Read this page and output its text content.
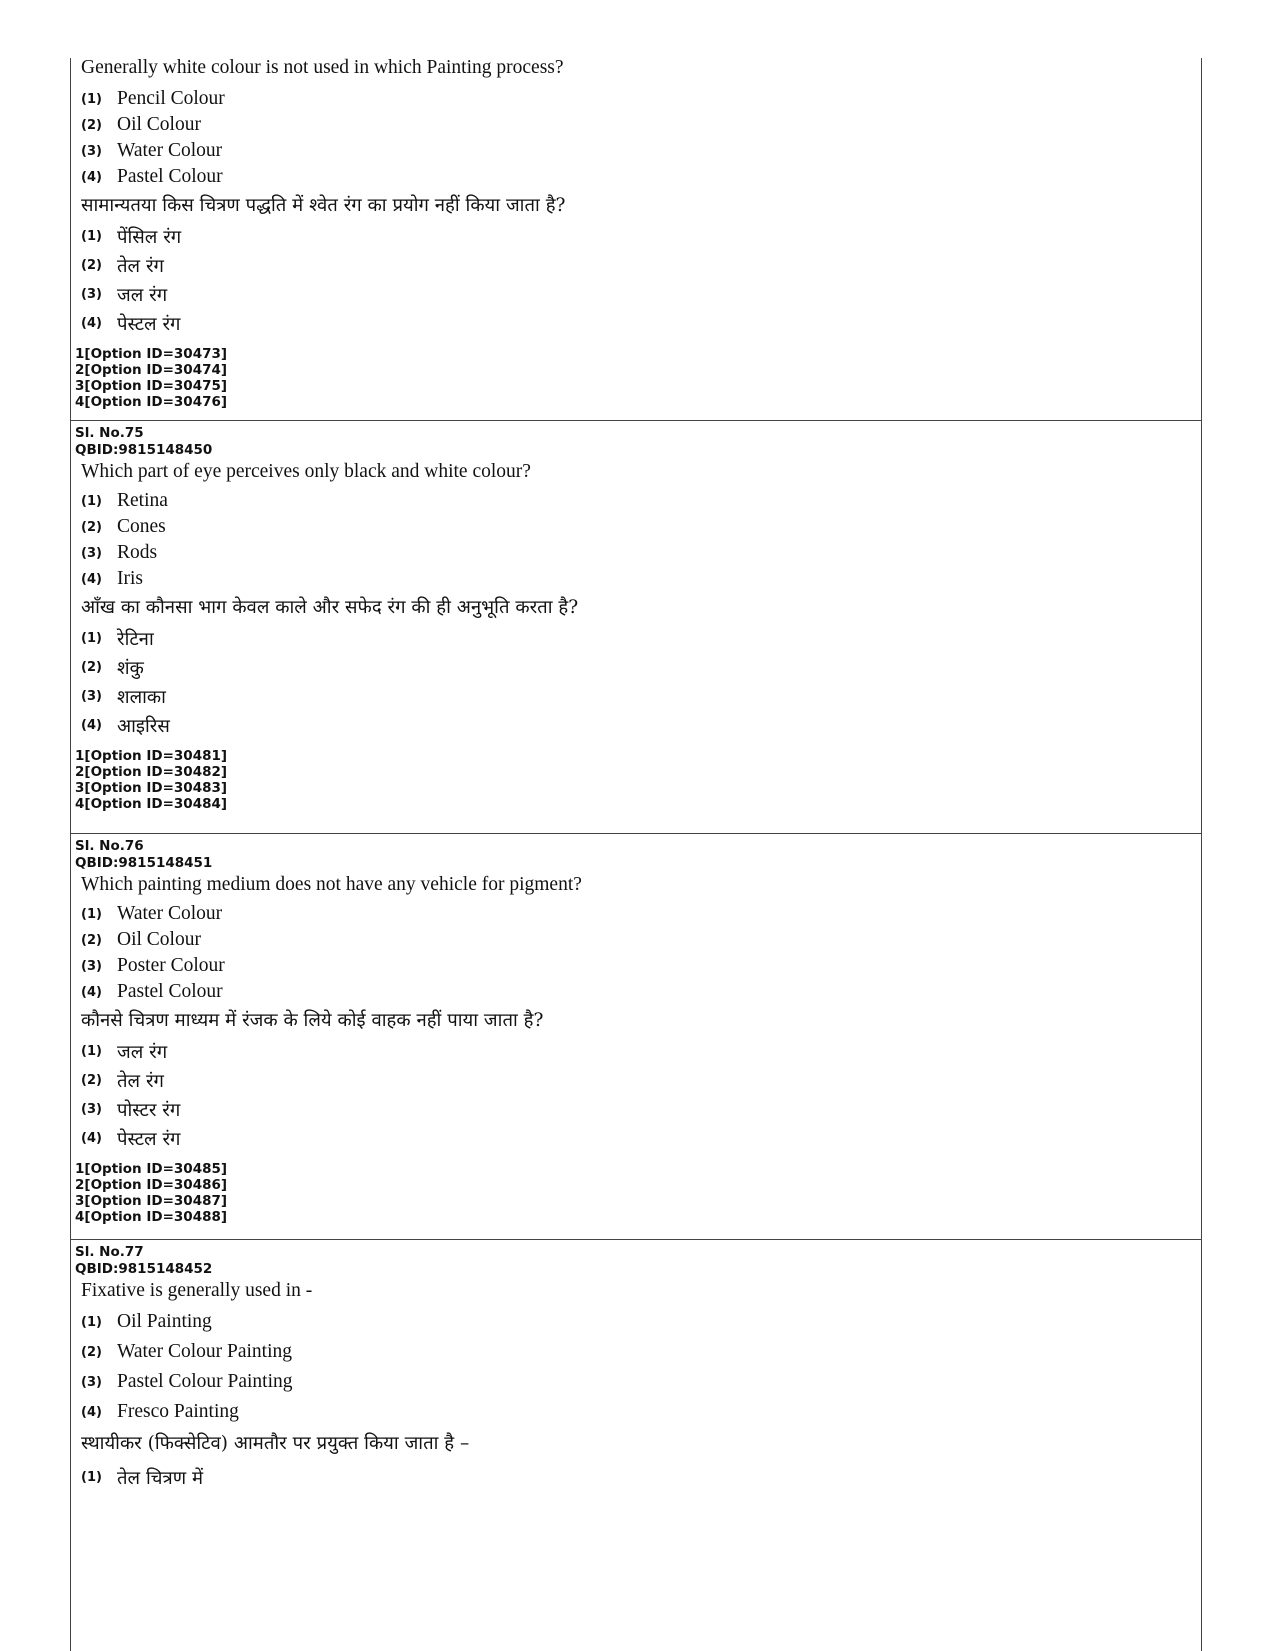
Generally white colour is not used in which Painting process?
(1) Pencil Colour
(2) Oil Colour
(3) Water Colour
(4) Pastel Colour
सामान्यतया किस चित्रण पद्धति में श्वेत रंग का प्रयोग नहीं किया जाता है?
(1) पेंसिल रंग
(2) तेल रंग
(3) जल रंग
(4) पेस्टल रंग
1[Option ID=30473]
2[Option ID=30474]
3[Option ID=30475]
4[Option ID=30476]
Sl. No.75
QBID:9815148450
Which part of eye perceives only black and white colour?
(1) Retina
(2) Cones
(3) Rods
(4) Iris
आँख का कौनसा भाग केवल काले और सफेद रंग की ही अनुभूति करता है?
(1) रेटिना
(2) शंकु
(3) शलाका
(4) आइरिस
1[Option ID=30481]
2[Option ID=30482]
3[Option ID=30483]
4[Option ID=30484]
Sl. No.76
QBID:9815148451
Which painting medium does not have any vehicle for pigment?
(1) Water Colour
(2) Oil Colour
(3) Poster Colour
(4) Pastel Colour
कौनसे चित्रण माध्यम में रंजक के लिये कोई वाहक नहीं पाया जाता है?
(1) जल रंग
(2) तेल रंग
(3) पोस्टर रंग
(4) पेस्टल रंग
1[Option ID=30485]
2[Option ID=30486]
3[Option ID=30487]
4[Option ID=30488]
Sl. No.77
QBID:9815148452
Fixative is generally used in -
(1) Oil Painting
(2) Water Colour Painting
(3) Pastel Colour Painting
(4) Fresco Painting
स्थायीकर (फिक्सेटिव) आमतौर पर प्रयुक्त किया जाता है –
(1) तेल चित्रण में
